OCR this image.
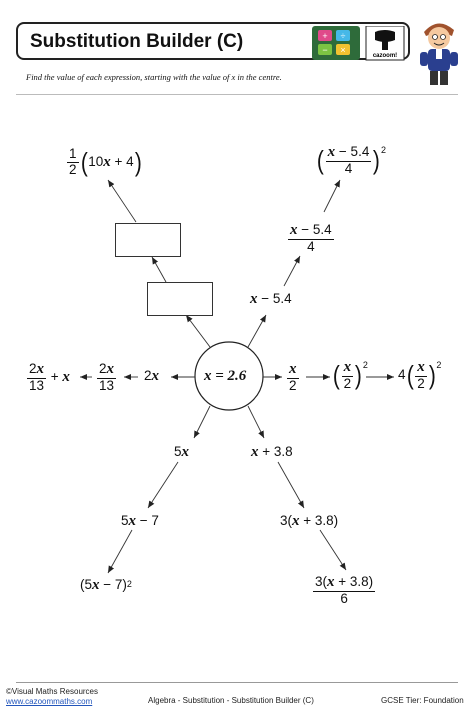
Substitution Builder (C)	+ ÷
− ×
cazoom!
Find the value of each expression, starting with the value of x in the centre.
x = 2.6
1
2 ( 10x + 4 )
x − 5.4
x − 5.4
4
( x − 5.4
4 ) 2
2x
2x
13
2x
13
+ x	x
2 ( x
2 ) 2
4 ( x
2 ) 2
5x
5x − 7
(5x − 7) 2
x + 3.8
3(x + 3.8)
3(x + 3.8)
6
©Visual Maths Resources
www.cazoommaths.com	Algebra - Substitution - Substitution Builder (C)	GCSE Tier: Foundation
